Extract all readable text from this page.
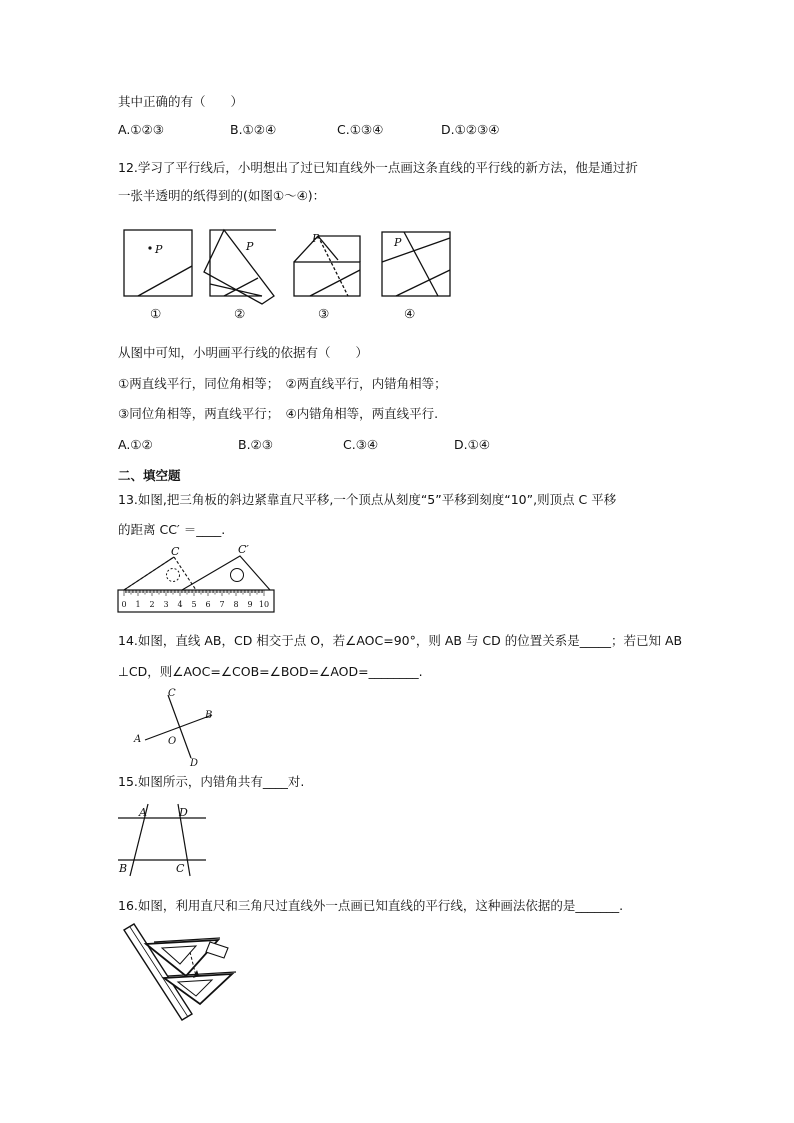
其中正确的有（　　）
A.①②③	B.①②④	C.①③④	D.①②③④
12.学习了平行线后，小明想出了过已知直线外一点画这条直线的平行线的新方法，他是通过折
一张半透明的纸得到的(如图①～④)：
P	P
P	P
①	②	③	④
从图中可知，小明画平行线的依据有（　　）
①两直线平行，同位角相等；　②两直线平行，内错角相等；
③同位角相等，两直线平行；　④内错角相等，两直线平行.
A.①②	B.②③	C.③④	D.①④
二、填空题
13.如图,把三角板的斜边紧靠直尺平移,一个顶点从刻度“5”平移到刻度“10”,则顶点 C 平移
的距离 CC′ ＝____.
C	C′
0 1 2 3 4 5 6 7 8 9 10
14.如图，直线 AB，CD 相交于点 O，若∠AOC=90°，则 AB 与 CD 的位置关系是_____；若已知 AB
⊥CD，则∠AOC=∠COB=∠BOD=∠AOD=________.
A
B
C
D
O
15.如图所示，内错角共有____对.
A	D
B	C
16.如图，利用直尺和三角尺过直线外一点画已知直线的平行线，这种画法依据的是_______.
